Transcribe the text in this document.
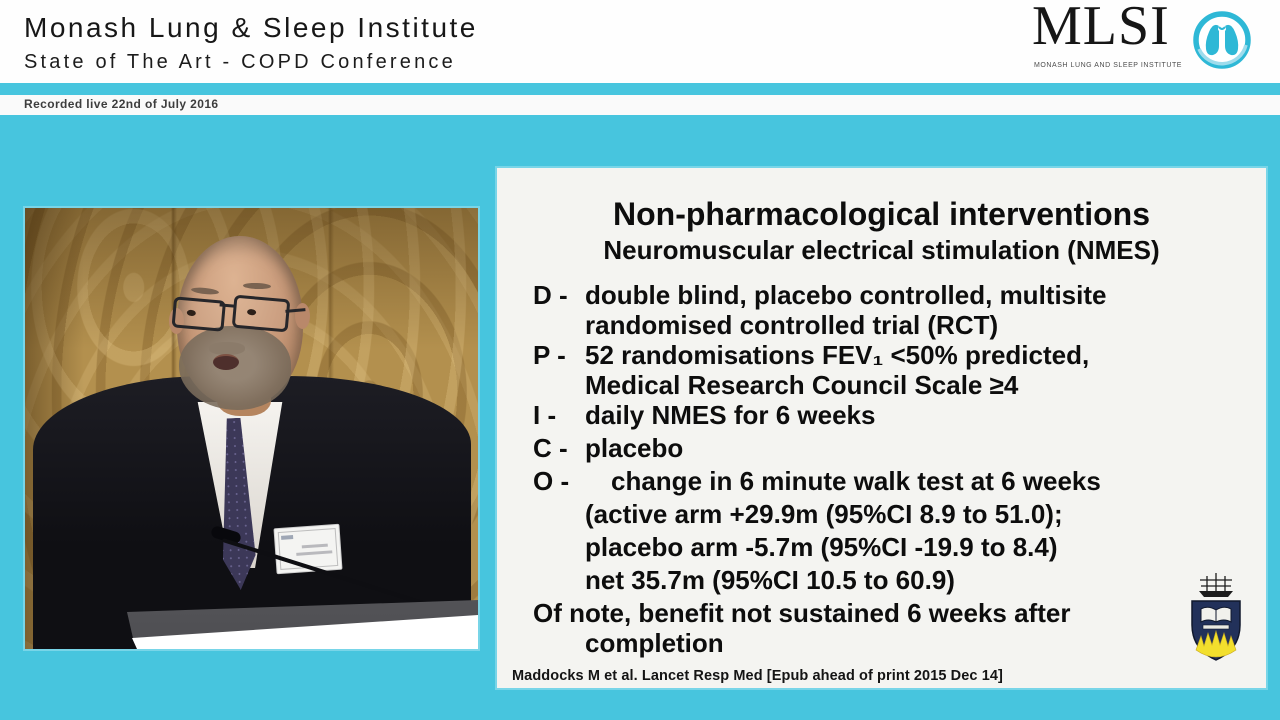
Monash Lung & Sleep Institute
State of The Art - COPD Conference
MLSI
MONASH LUNG AND SLEEP INSTITUTE
Recorded live 22nd of July 2016
Non-pharmacological interventions
Neuromuscular electrical stimulation (NMES)
D - double blind, placebo controlled, multisite
randomised controlled trial (RCT)
P - 52 randomisations FEV₁ <50% predicted,
Medical Research Council Scale ≥4
I -	daily NMES for 6 weeks
C - placebo
O -	change in 6 minute walk test at 6 weeks
(active arm +29.9m (95%CI 8.9 to 51.0);
placebo arm -5.7m (95%CI -19.9 to 8.4)
net 35.7m (95%CI 10.5 to 60.9)
Of note, benefit not sustained 6 weeks after
completion
Maddocks M et al. Lancet Resp Med [Epub ahead of print 2015 Dec 14]
